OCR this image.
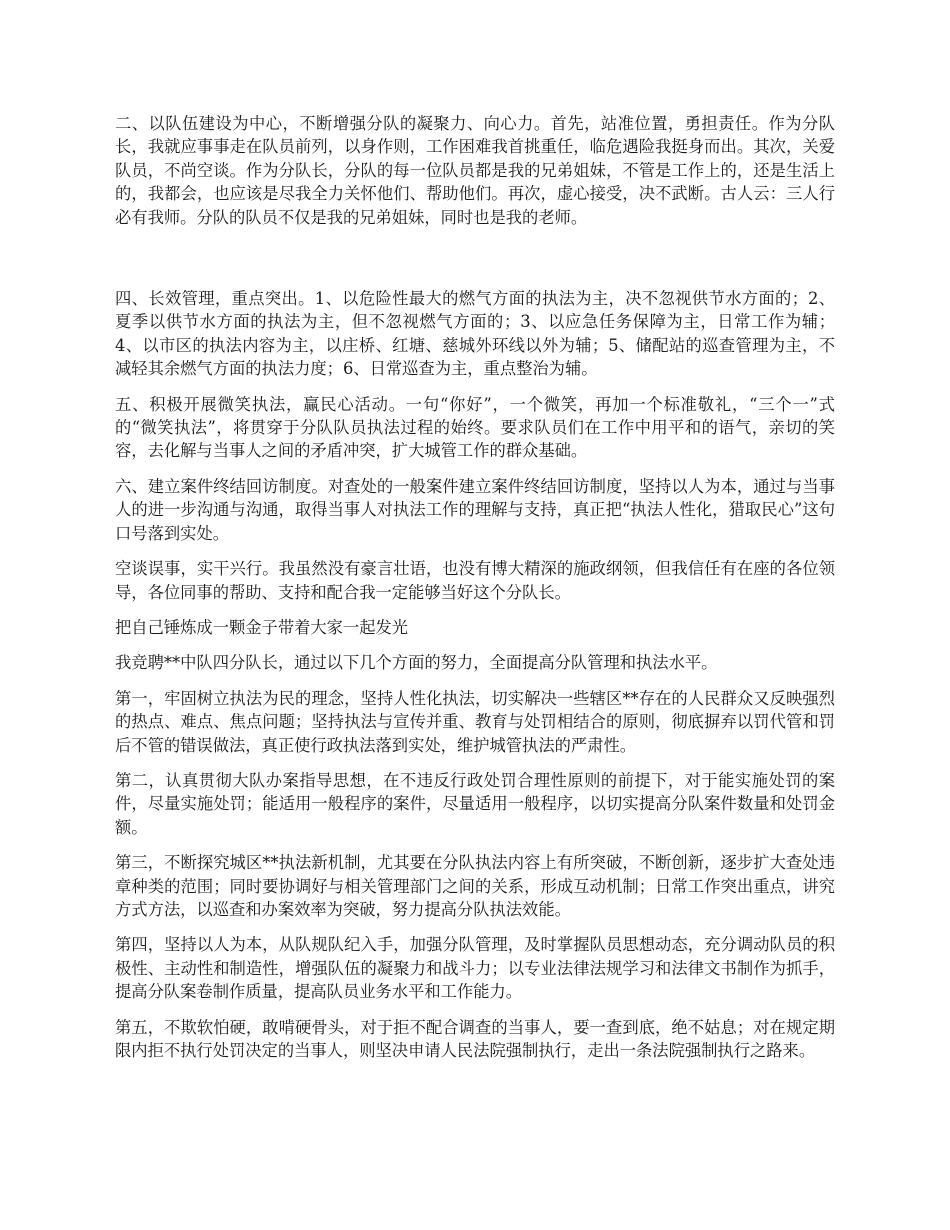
二、以队伍建设为中心，不断增强分队的凝聚力、向心力。首先，站准位置，勇担责任。作为分队长，我就应事事走在队员前列，以身作则，工作困难我首挑重任，临危遇险我挺身而出。其次，关爱队员，不尚空谈。作为分队长，分队的每一位队员都是我的兄弟姐妹，不管是工作上的，还是生活上的，我都会，也应该是尽我全力关怀他们、帮助他们。再次，虚心接受，决不武断。古人云：三人行必有我师。分队的队员不仅是我的兄弟姐妹，同时也是我的老师。

四、长效管理，重点突出。1、以危险性最大的燃气方面的执法为主，决不忽视供节水方面的；2、夏季以供节水方面的执法为主，但不忽视燃气方面的；3、以应急任务保障为主，日常工作为辅；4、以市区的执法内容为主，以庄桥、红塘、慈城外环线以外为辅；5、储配站的巡查管理为主，不减轻其余燃气方面的执法力度；6、日常巡查为主，重点整治为辅。

五、积极开展微笑执法，赢民心活动。一句“你好”，一个微笑，再加一个标准敬礼，“三个一”式的“微笑执法”，将贯穿于分队队员执法过程的始终。要求队员们在工作中用平和的语气，亲切的笑容，去化解与当事人之间的矛盾冲突，扩大城管工作的群众基础。

六、建立案件终结回访制度。对查处的一般案件建立案件终结回访制度，坚持以人为本，通过与当事人的进一步沟通与沟通，取得当事人对执法工作的理解与支持，真正把“执法人性化，猎取民心”这句口号落到实处。

空谈误事，实干兴行。我虽然没有豪言壮语，也没有博大精深的施政纲领，但我信任有在座的各位领导，各位同事的帮助、支持和配合我一定能够当好这个分队长。

把自己锤炼成一颗金子带着大家一起发光

我竞聘**中队四分队长，通过以下几个方面的努力，全面提高分队管理和执法水平。

第一，牢固树立执法为民的理念，坚持人性化执法，切实解决一些辖区**存在的人民群众又反映强烈的热点、难点、焦点问题；坚持执法与宣传并重、教育与处罚相结合的原则，彻底摒弃以罚代管和罚后不管的错误做法，真正使行政执法落到实处，维护城管执法的严肃性。

第二，认真贯彻大队办案指导思想，在不违反行政处罚合理性原则的前提下，对于能实施处罚的案件，尽量实施处罚；能适用一般程序的案件，尽量适用一般程序，以切实提高分队案件数量和处罚金额。

第三，不断探究城区**执法新机制，尤其要在分队执法内容上有所突破，不断创新，逐步扩大查处违章种类的范围；同时要协调好与相关管理部门之间的关系，形成互动机制；日常工作突出重点，讲究方式方法，以巡查和办案效率为突破，努力提高分队执法效能。

第四，坚持以人为本，从队规队纪入手，加强分队管理，及时掌握队员思想动态，充分调动队员的积极性、主动性和制造性，增强队伍的凝聚力和战斗力；以专业法律法规学习和法律文书制作为抓手，提高分队案卷制作质量，提高队员业务水平和工作能力。

第五，不欺软怕硬，敢啃硬骨头，对于拒不配合调查的当事人，要一查到底，绝不姑息；对在规定期限内拒不执行处罚决定的当事人，则坚决申请人民法院强制执行，走出一条法院强制执行之路来。
